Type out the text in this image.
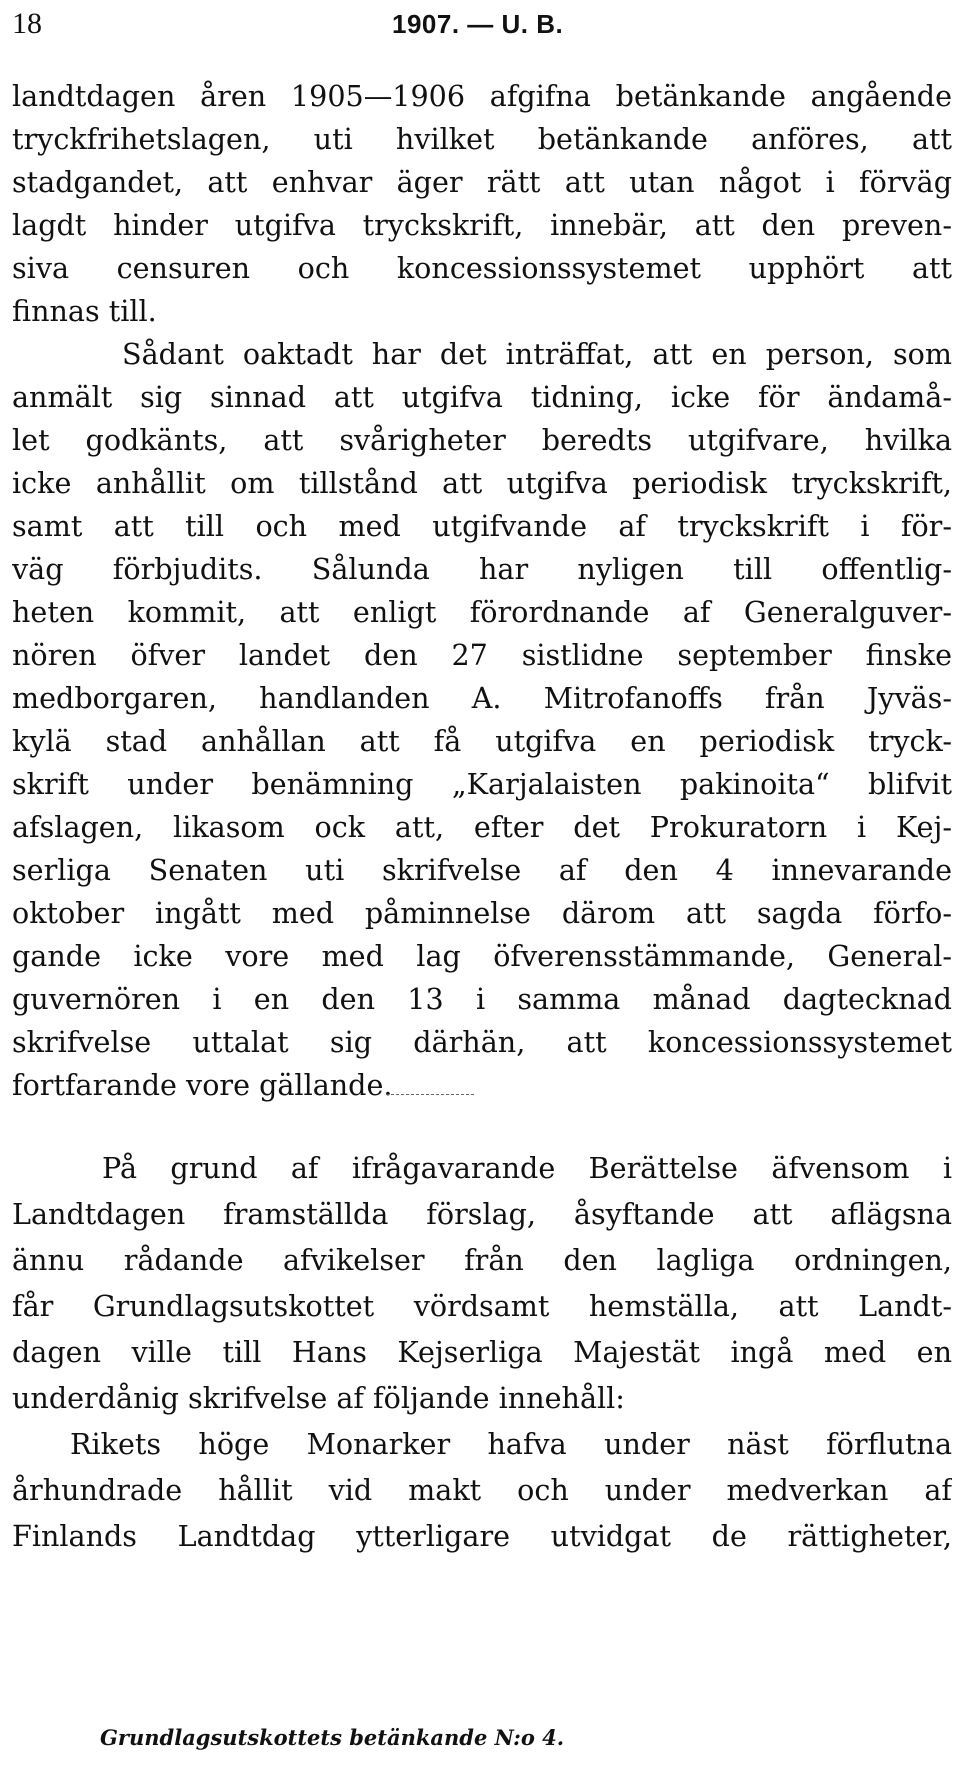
18	1907. — U. B.
landtdagen åren 1905—1906 afgifna betänkande angående
tryckfrihetslagen, uti hvilket betänkande anföres, att
stadgandet, att enhvar äger rätt att utan något i förväg
lagdt hinder utgifva tryckskrift, innebär, att den preven-
siva censuren och koncessionssystemet upphört att
finnas till.
Sådant oaktadt har det inträffat, att en person, som
anmält sig sinnad att utgifva tidning, icke för ändamå-
let godkänts, att svårigheter beredts utgifvare, hvilka
icke anhållit om tillstånd att utgifva periodisk tryckskrift,
samt att till och med utgifvande af tryckskrift i för-
väg förbjudits. Sålunda har nyligen till offentlig-
heten kommit, att enligt förordnande af Generalguver-
nören öfver landet den 27 sistlidne september finske
medborgaren, handlanden A. Mitrofanoffs från Jyväs-
kylä stad anhållan att få utgifva en periodisk tryck-
skrift under benämning „Karjalaisten pakinoita“ blifvit
afslagen, likasom ock att, efter det Prokuratorn i Kej-
serliga Senaten uti skrifvelse af den 4 innevarande
oktober ingått med påminnelse därom att sagda förfo-
gande icke vore med lag öfverensstämmande, General-
guvernören i en den 13 i samma månad dagtecknad
skrifvelse uttalat sig därhän, att koncessionssystemet
fortfarande vore gällande.
På grund af ifrågavarande Berättelse äfvensom i
Landtdagen framställda förslag, åsyftande att aflägsna
ännu rådande afvikelser från den lagliga ordningen,
får Grundlagsutskottet vördsamt hemställa, att Landt-
dagen ville till Hans Kejserliga Majestät ingå med en
underdånig skrifvelse af följande innehåll:
Rikets höge Monarker hafva under näst förflutna
århundrade hållit vid makt och under medverkan af
Finlands Landtdag ytterligare utvidgat de rättigheter,
Grundlagsutskottets betänkande N:o 4.
